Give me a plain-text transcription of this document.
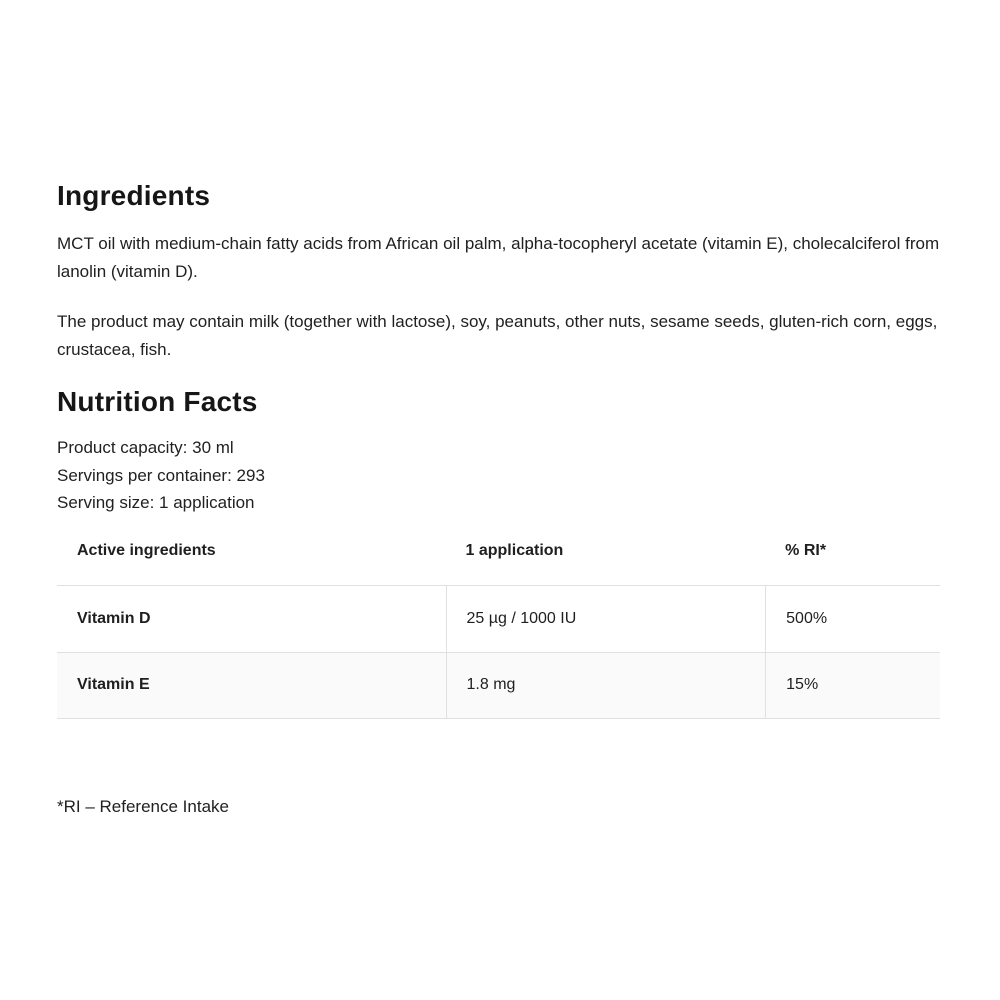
Ingredients

MCT oil with medium-chain fatty acids from African oil palm, alpha-tocopheryl acetate (vitamin E), cholecalciferol from lanolin (vitamin D).

The product may contain milk (together with lactose), soy, peanuts, other nuts, sesame seeds, gluten-rich corn, eggs, crustacea, fish.

Nutrition Facts
Product capacity: 30 ml
Servings per container: 293
Serving size: 1 application
Active ingredients	1 application	% RI*
Vitamin D	25 µg / 1000 IU	500%
Vitamin E	1.8 mg	15%
*RI – Reference Intake
